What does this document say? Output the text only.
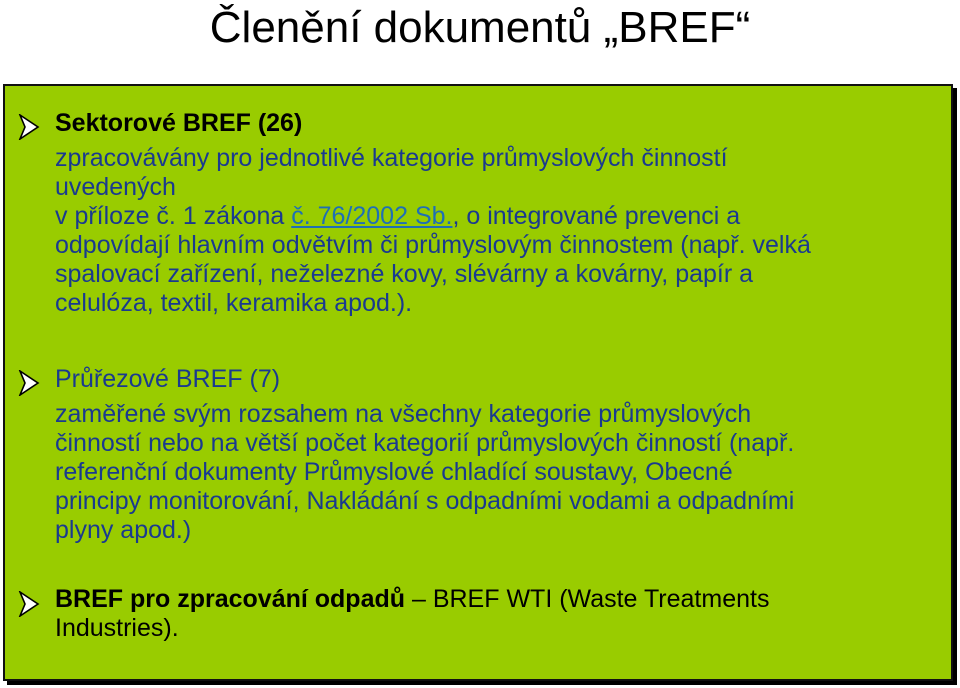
Členění dokumentů „BREF“

Sektorové BREF (26)

zpracovávány pro jednotlivé kategorie průmyslových činností
uvedených
v příloze č. 1 zákona č. 76/2002 Sb., o integrované prevenci a
odpovídají hlavním odvětvím či průmyslovým činnostem (např. velká
spalovací zařízení, neželezné kovy, slévárny a kovárny, papír a
celulóza, textil, keramika apod.).

Průřezové BREF (7)

zaměřené svým rozsahem na všechny kategorie průmyslových
činností nebo na větší počet kategorií průmyslových činností (např.
referenční dokumenty Průmyslové chladící soustavy, Obecné
principy monitorování, Nakládání s odpadními vodami a odpadními
plyny apod.)
BREF pro zpracování odpadů – BREF WTI (Waste Treatments
Industries).
